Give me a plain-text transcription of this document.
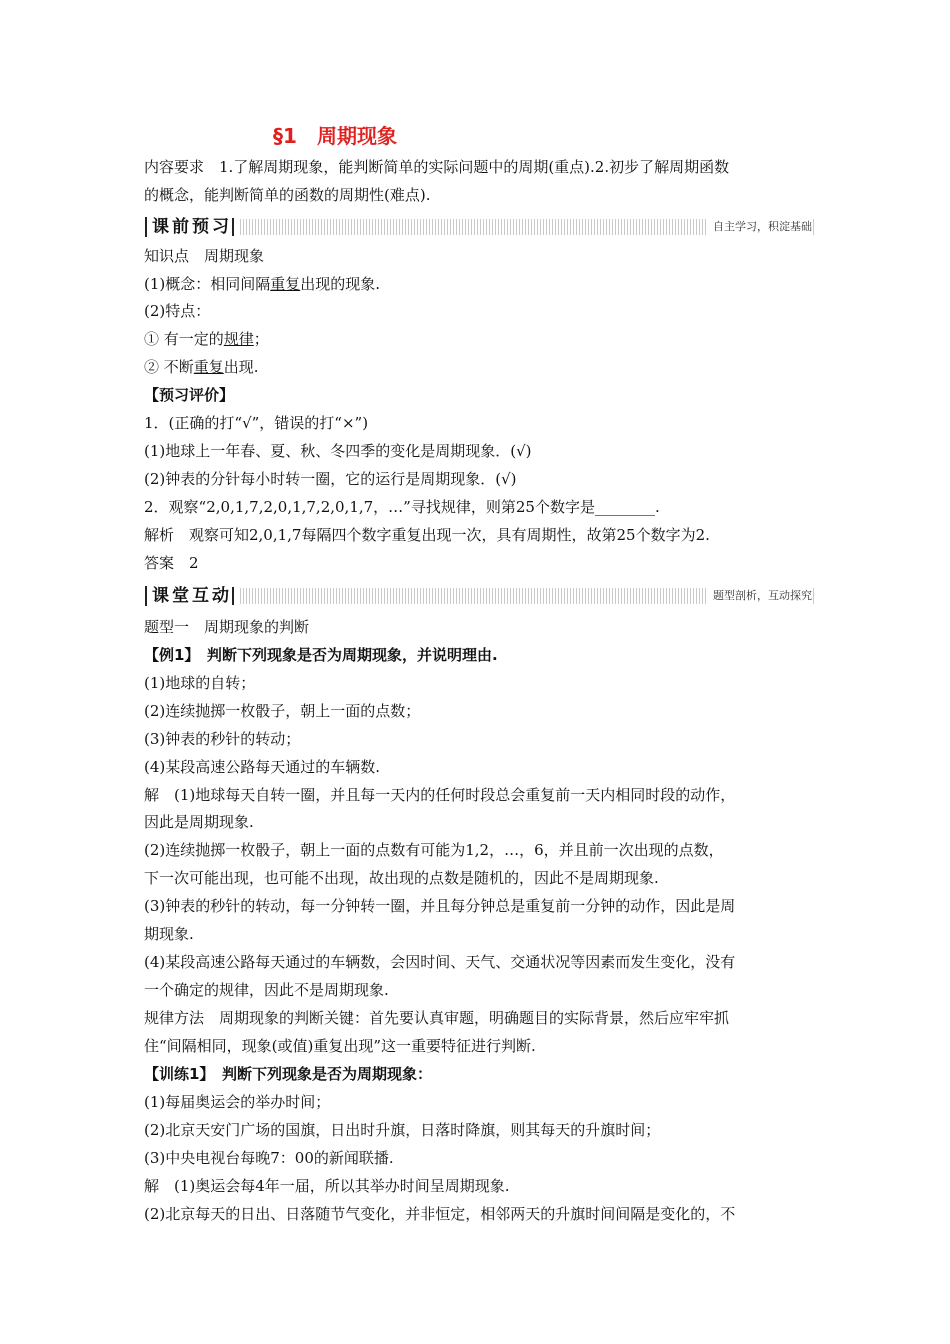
§1　周期现象
内容要求　1.了解周期现象，能判断简单的实际问题中的周期(重点).2.初步了解周期函数
的概念，能判断简单的函数的周期性(难点).
课前预习	自主学习，积淀基础
知识点　周期现象
(1)概念：相同间隔重复出现的现象.
(2)特点：
① 有一定的规律；
② 不断重复出现.
【预习评价】
1．(正确的打“√”，错误的打“×”)
(1)地球上一年春、夏、秋、冬四季的变化是周期现象．(√)
(2)钟表的分针每小时转一圈，它的运行是周期现象．(√)
2．观察“2,0,1,7,2,0,1,7,2,0,1,7，…”寻找规律，则第25个数字是________.
解析　观察可知2,0,1,7每隔四个数字重复出现一次，具有周期性，故第25个数字为2.
答案　2
课堂互动	题型剖析，互动探究
题型一　周期现象的判断
【例1】　判断下列现象是否为周期现象，并说明理由.
(1)地球的自转；
(2)连续抛掷一枚骰子，朝上一面的点数；
(3)钟表的秒针的转动；
(4)某段高速公路每天通过的车辆数.
解　(1)地球每天自转一圈，并且每一天内的任何时段总会重复前一天内相同时段的动作，
因此是周期现象.
(2)连续抛掷一枚骰子，朝上一面的点数有可能为1,2，…，6，并且前一次出现的点数，
下一次可能出现，也可能不出现，故出现的点数是随机的，因此不是周期现象.
(3)钟表的秒针的转动，每一分钟转一圈，并且每分钟总是重复前一分钟的动作，因此是周
期现象.
(4)某段高速公路每天通过的车辆数，会因时间、天气、交通状况等因素而发生变化，没有
一个确定的规律，因此不是周期现象.
规律方法　周期现象的判断关键：首先要认真审题，明确题目的实际背景，然后应牢牢抓
住“间隔相同，现象(或值)重复出现”这一重要特征进行判断.
【训练1】　判断下列现象是否为周期现象：
(1)每届奥运会的举办时间；
(2)北京天安门广场的国旗，日出时升旗，日落时降旗，则其每天的升旗时间；
(3)中央电视台每晚7：00的新闻联播.
解　(1)奥运会每4年一届，所以其举办时间呈周期现象.
(2)北京每天的日出、日落随节气变化，并非恒定，相邻两天的升旗时间间隔是变化的，不
